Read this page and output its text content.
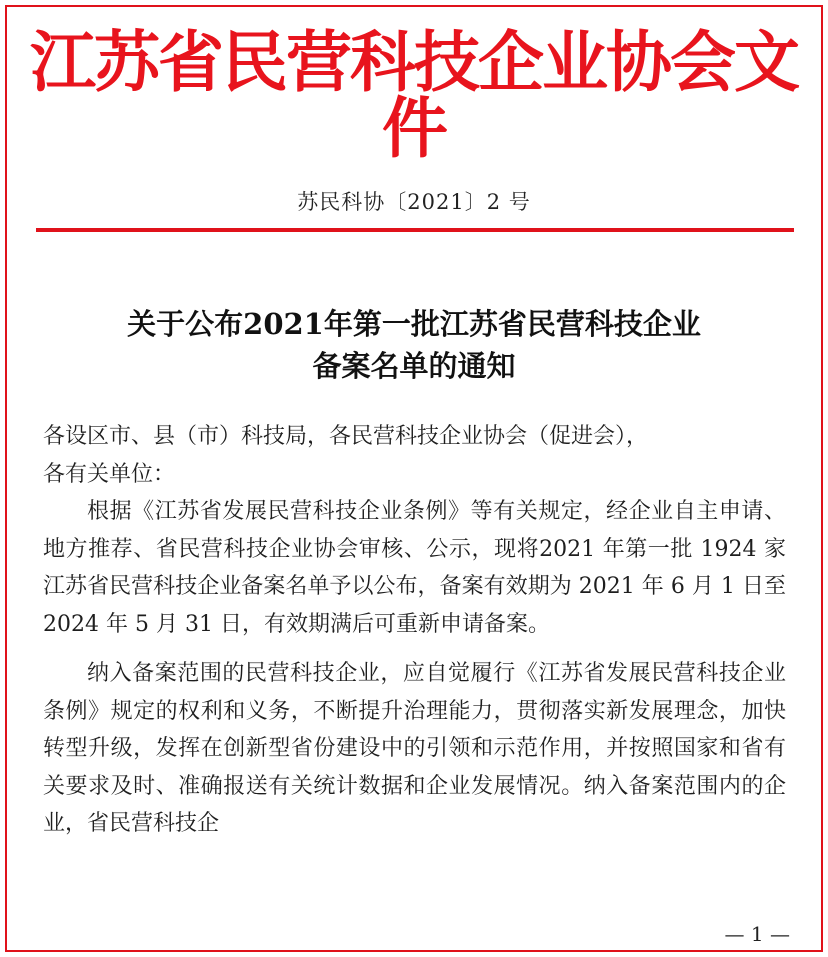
江苏省民营科技企业协会文件
苏民科协〔2021〕2 号
关于公布2021年第一批江苏省民营科技企业
备案名单的通知

各设区市、县（市）科技局，各民营科技企业协会（促进会），

各有关单位：

根据《江苏省发展民营科技企业条例》等有关规定，经企业自主申请、地方推荐、省民营科技企业协会审核、公示，现将2021 年第一批 1924 家江苏省民营科技企业备案名单予以公布，备案有效期为 2021 年 6 月 1 日至 2024 年 5 月 31 日，有效期满后可重新申请备案。

纳入备案范围的民营科技企业，应自觉履行《江苏省发展民营科技企业条例》规定的权利和义务，不断提升治理能力，贯彻落实新发展理念，加快转型升级，发挥在创新型省份建设中的引领和示范作用，并按照国家和省有关要求及时、准确报送有关统计数据和企业发展情况。纳入备案范围内的企业，省民营科技企

— 1 —
